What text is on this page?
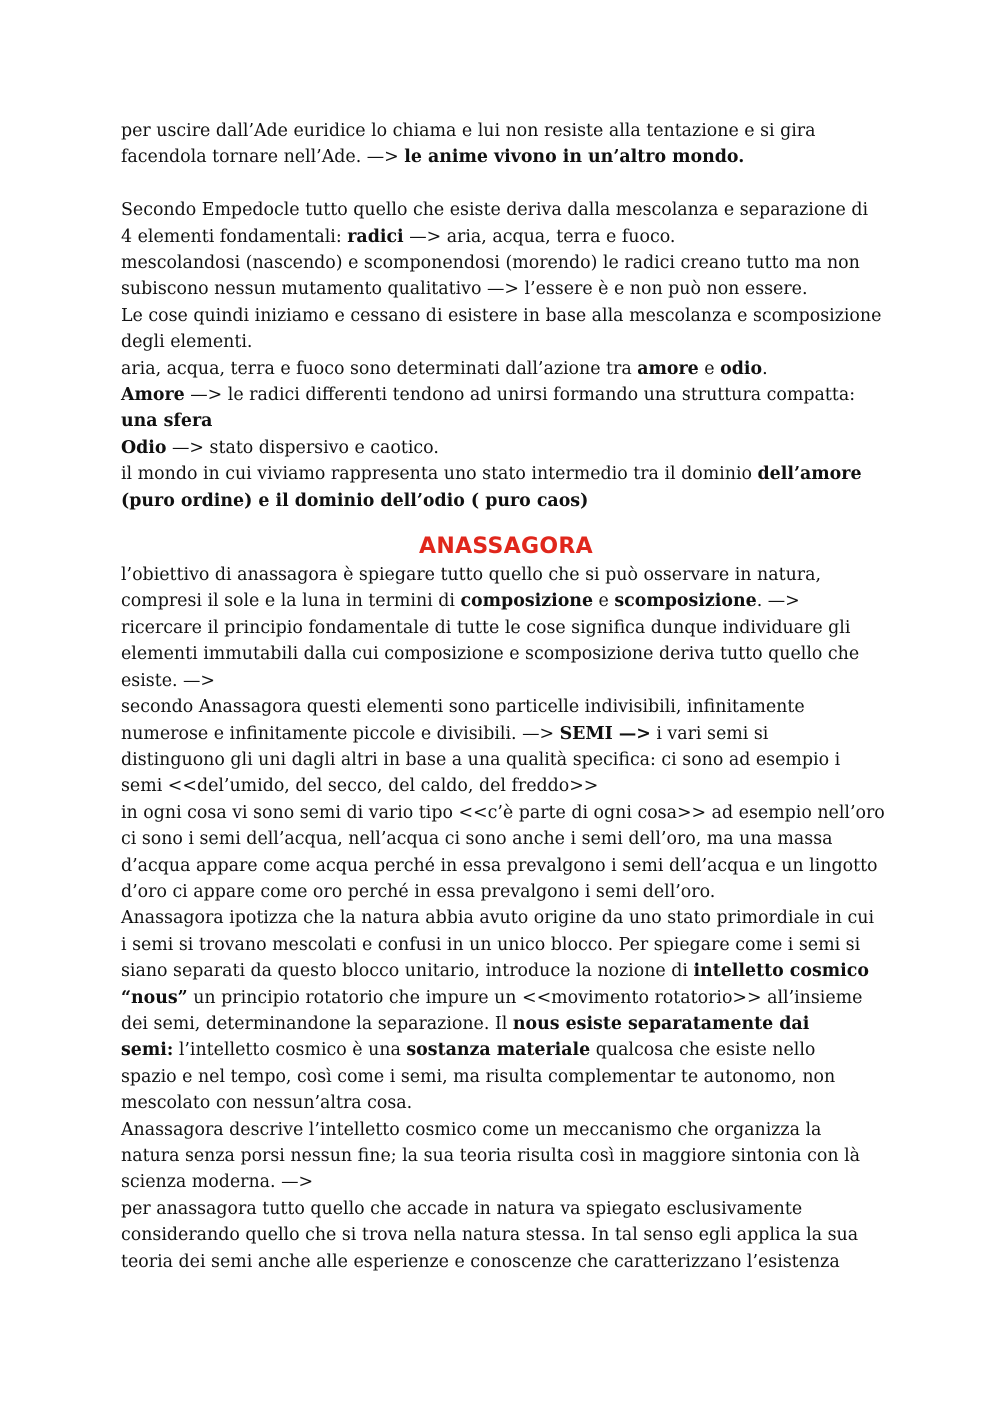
per uscire dall’Ade euridice lo chiama e lui non resiste alla tentazione e si gira
facendola tornare nell’Ade. —> le anime vivono in un’altro mondo.
Secondo Empedocle tutto quello che esiste deriva dalla mescolanza e separazione di
4 elementi fondamentali: radici —> aria, acqua, terra e fuoco.
mescolandosi (nascendo) e scomponendosi (morendo) le radici creano tutto ma non
subiscono nessun mutamento qualitativo —> l’essere è e non può non essere.
Le cose quindi iniziamo e cessano di esistere in base alla mescolanza e scomposizione
degli elementi.
aria, acqua, terra e fuoco sono determinati dall’azione tra amore e odio.
Amore —> le radici differenti tendono ad unirsi formando una struttura compatta:
una sfera
Odio —> stato dispersivo e caotico.
il mondo in cui viviamo rappresenta uno stato intermedio tra il dominio dell’amore
(puro ordine) e il dominio dell’odio ( puro caos)
ANASSAGORA
l’obiettivo di anassagora è spiegare tutto quello che si può osservare in natura,
compresi il sole e la luna in termini di composizione e scomposizione. —>
ricercare il principio fondamentale di tutte le cose significa dunque individuare gli
elementi immutabili dalla cui composizione e scomposizione deriva tutto quello che
esiste. —>
secondo Anassagora questi elementi sono particelle indivisibili, infinitamente
numerose e infinitamente piccole e divisibili. —> SEMI —> i vari semi si
distinguono gli uni dagli altri in base a una qualità specifica: ci sono ad esempio i
semi <<del’umido, del secco, del caldo, del freddo>>
in ogni cosa vi sono semi di vario tipo <<c’è parte di ogni cosa>> ad esempio nell’oro
ci sono i semi dell’acqua, nell’acqua ci sono anche i semi dell’oro, ma una massa
d’acqua appare come acqua perché in essa prevalgono i semi dell’acqua e un lingotto
d’oro ci appare come oro perché in essa prevalgono i semi dell’oro.
Anassagora ipotizza che la natura abbia avuto origine da uno stato primordiale in cui
i semi si trovano mescolati e confusi in un unico blocco. Per spiegare come i semi si
siano separati da questo blocco unitario, introduce la nozione di intelletto cosmico
“nous” un principio rotatorio che impure un <<movimento rotatorio>> all’insieme
dei semi, determinandone la separazione. Il nous esiste separatamente dai
semi: l’intelletto cosmico è una sostanza materiale qualcosa che esiste nello
spazio e nel tempo, così come i semi, ma risulta complementar te autonomo, non
mescolato con nessun’altra cosa.
Anassagora descrive l’intelletto cosmico come un meccanismo che organizza la
natura senza porsi nessun fine; la sua teoria risulta così in maggiore sintonia con là
scienza moderna. —>
per anassagora tutto quello che accade in natura va spiegato esclusivamente
considerando quello che si trova nella natura stessa. In tal senso egli applica la sua
teoria dei semi anche alle esperienze e conoscenze che caratterizzano l’esistenza
